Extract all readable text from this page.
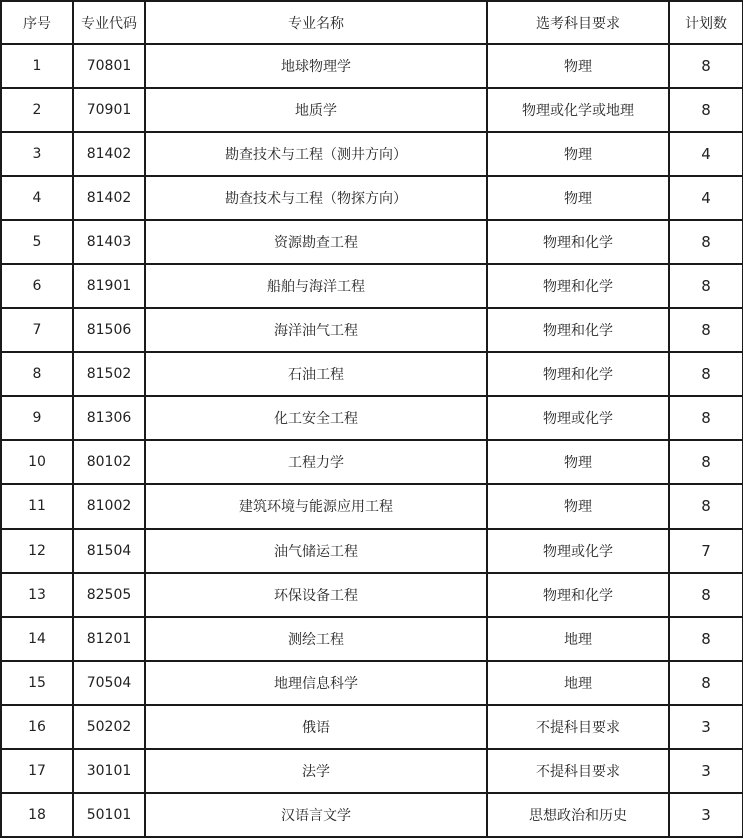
序号	专业代码	专业名称	选考科目要求	计划数
1	70801	地球物理学	物理	8
2	70901	地质学	物理或化学或地理	8
3	81402	勘查技术与工程（测井方向）	物理	4
4	81402	勘查技术与工程（物探方向）	物理	4
5	81403	资源勘查工程	物理和化学	8
6	81901	船舶与海洋工程	物理和化学	8
7	81506	海洋油气工程	物理和化学	8
8	81502	石油工程	物理和化学	8
9	81306	化工安全工程	物理或化学	8
10	80102	工程力学	物理	8
11	81002	建筑环境与能源应用工程	物理	8
12	81504	油气储运工程	物理或化学	7
13	82505	环保设备工程	物理和化学	8
14	81201	测绘工程	地理	8
15	70504	地理信息科学	地理	8
16	50202	俄语	不提科目要求	3
17	30101	法学	不提科目要求	3
18	50101	汉语言文学	思想政治和历史	3
